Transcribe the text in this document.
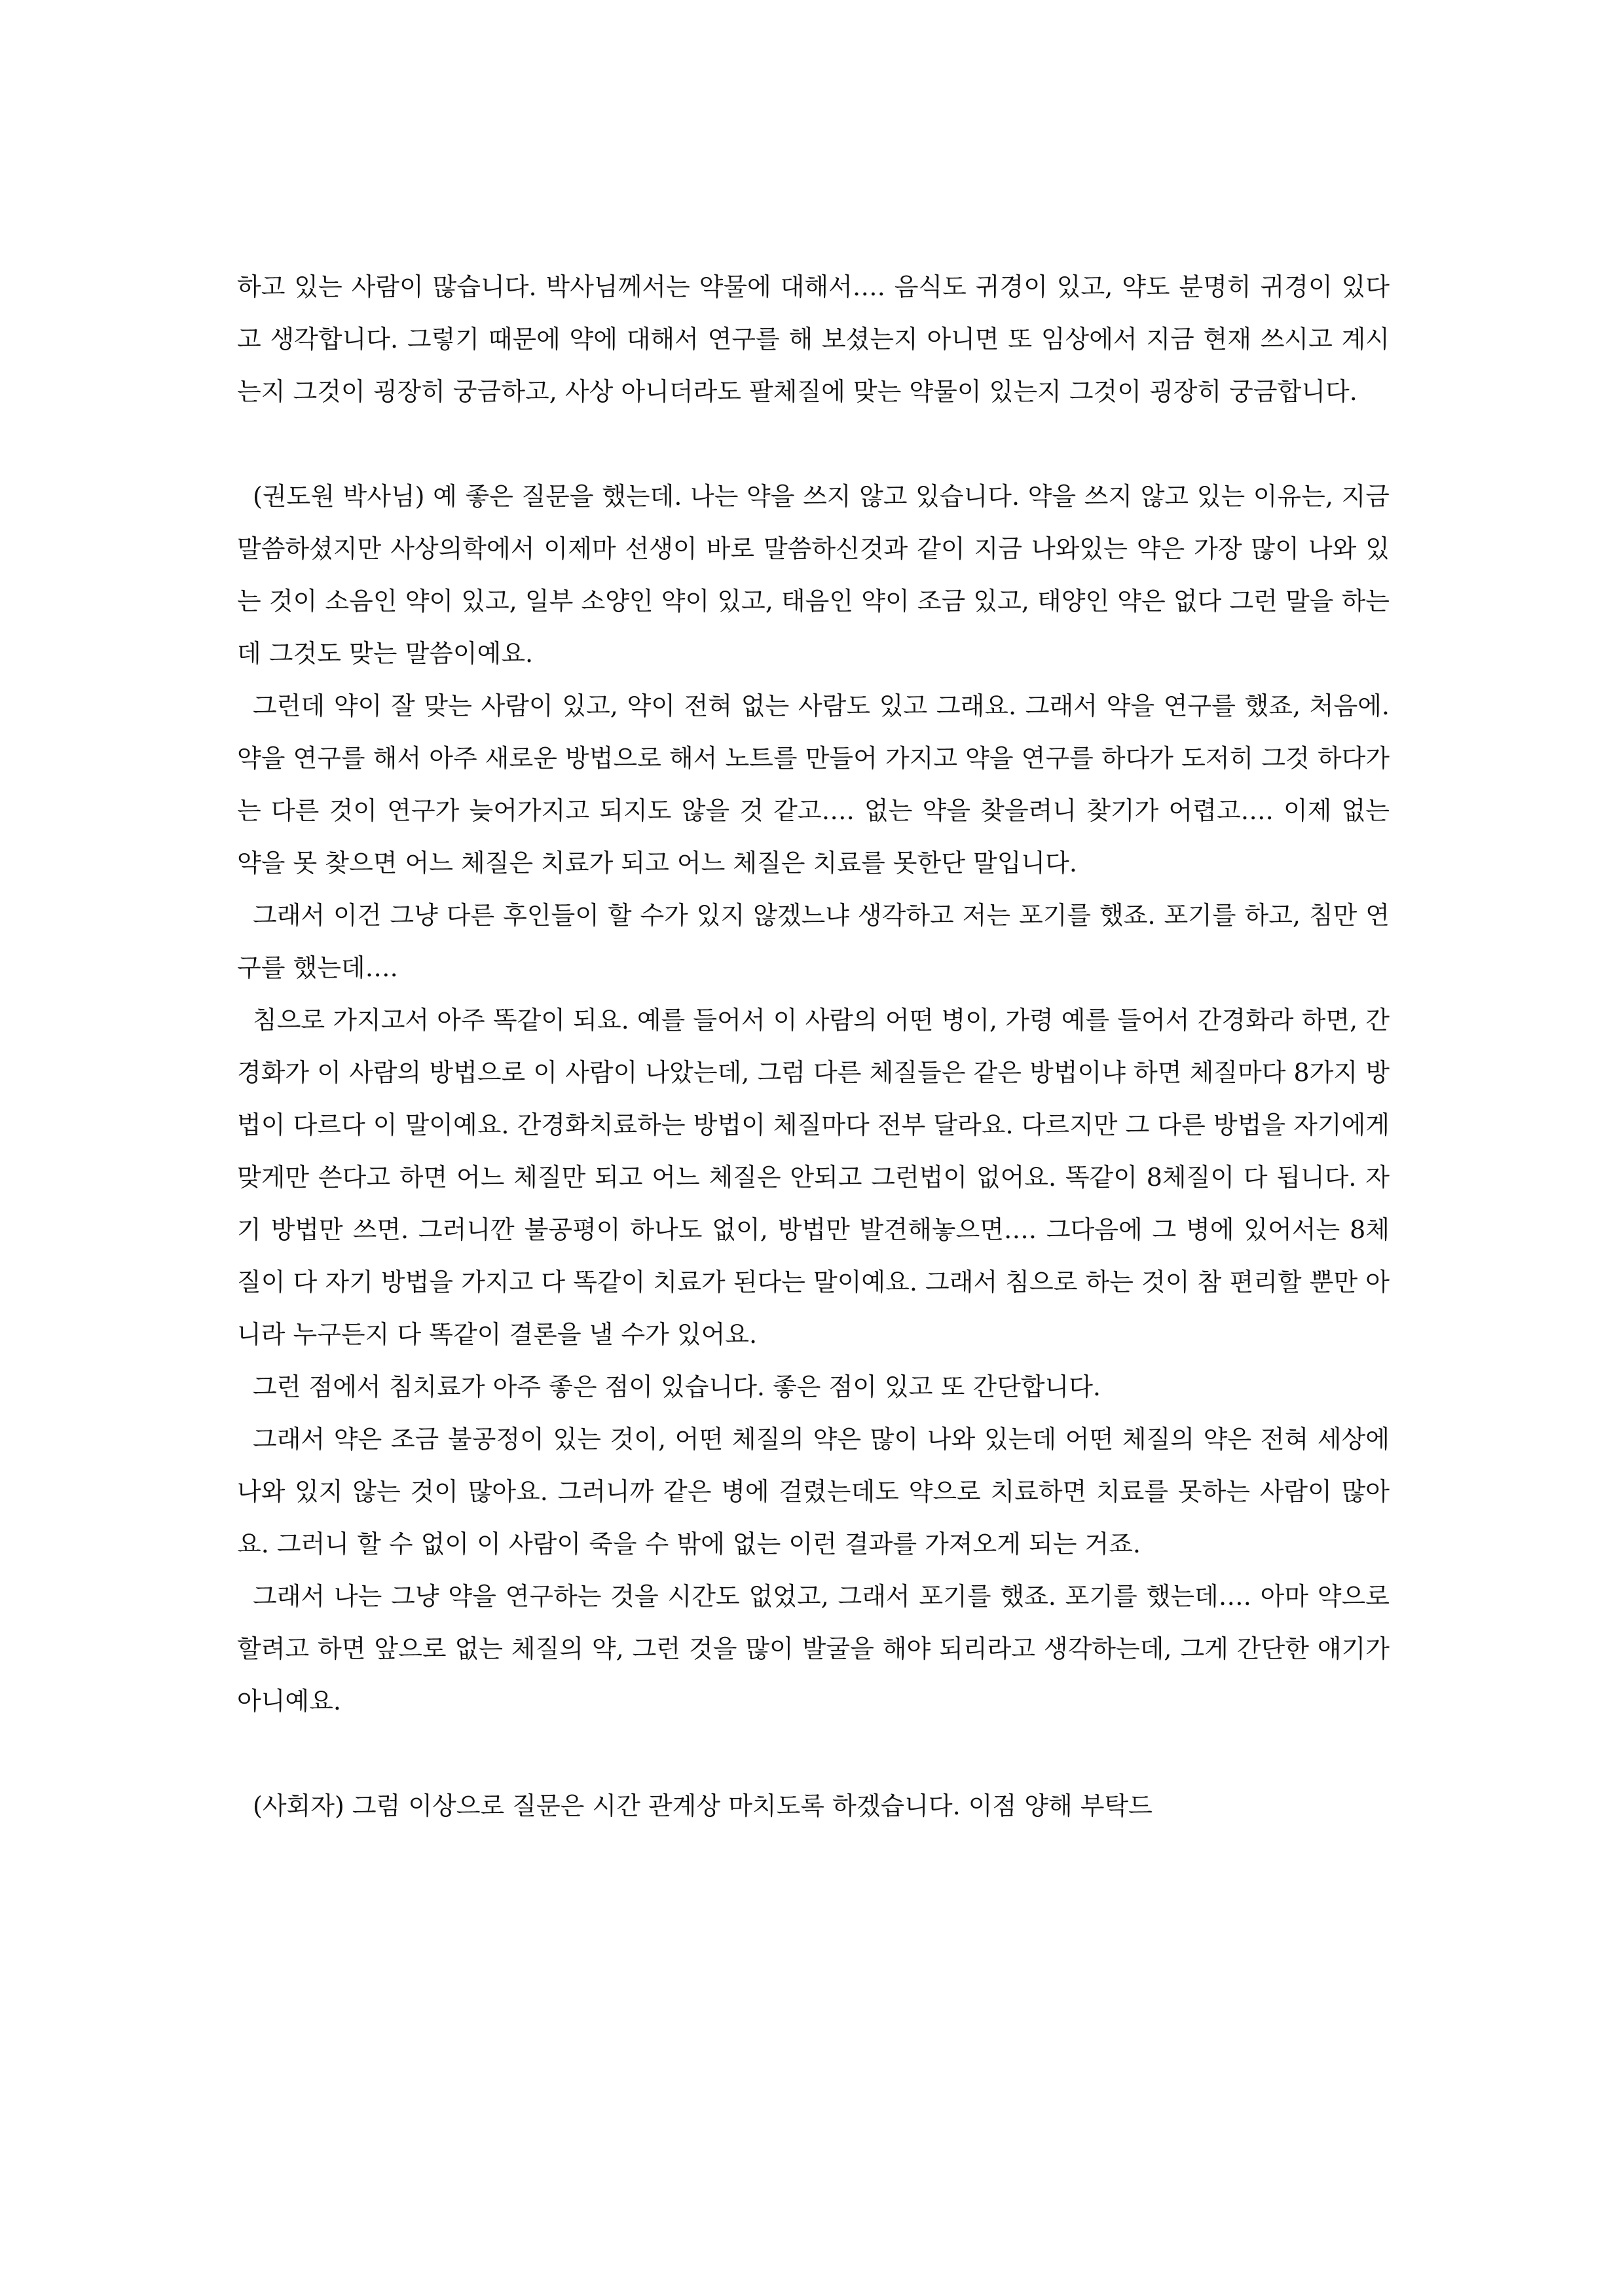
하고 있는 사람이 많습니다. 박사님께서는 약물에 대해서…. 음식도 귀경이 있고, 약도 분명히 귀경이 있다고 생각합니다. 그렇기 때문에 약에 대해서 연구를 해 보셨는지 아니면 또 임상에서 지금 현재 쓰시고 계시는지 그것이 굉장히 궁금하고, 사상 아니더라도 팔체질에 맞는 약물이 있는지 그것이 굉장히 궁금합니다.

(권도원 박사님) 예 좋은 질문을 했는데. 나는 약을 쓰지 않고 있습니다. 약을 쓰지 않고 있는 이유는, 지금 말씀하셨지만 사상의학에서 이제마 선생이 바로 말씀하신것과 같이 지금 나와있는 약은 가장 많이 나와 있는 것이 소음인 약이 있고, 일부 소양인 약이 있고, 태음인 약이 조금 있고, 태양인 약은 없다 그런 말을 하는데 그것도 맞는 말씀이예요.

그런데 약이 잘 맞는 사람이 있고, 약이 전혀 없는 사람도 있고 그래요. 그래서 약을 연구를 했죠, 처음에. 약을 연구를 해서 아주 새로운 방법으로 해서 노트를 만들어 가지고 약을 연구를 하다가 도저히 그것 하다가는 다른 것이 연구가 늦어가지고 되지도 않을 것 같고…. 없는 약을 찾을려니 찾기가 어렵고…. 이제 없는 약을 못 찾으면 어느 체질은 치료가 되고 어느 체질은 치료를 못한단 말입니다.

그래서 이건 그냥 다른 후인들이 할 수가 있지 않겠느냐 생각하고 저는 포기를 했죠. 포기를 하고, 침만 연구를 했는데….

침으로 가지고서 아주 똑같이 되요. 예를 들어서 이 사람의 어떤 병이, 가령 예를 들어서 간경화라 하면, 간경화가 이 사람의 방법으로 이 사람이 나았는데, 그럼 다른 체질들은 같은 방법이냐 하면 체질마다 8가지 방법이 다르다 이 말이예요. 간경화치료하는 방법이 체질마다 전부 달라요. 다르지만 그 다른 방법을 자기에게 맞게만 쓴다고 하면 어느 체질만 되고 어느 체질은 안되고 그런법이 없어요. 똑같이 8체질이 다 됩니다. 자기 방법만 쓰면. 그러니깐 불공평이 하나도 없이, 방법만 발견해놓으면…. 그다음에 그 병에 있어서는 8체질이 다 자기 방법을 가지고 다 똑같이 치료가 된다는 말이예요. 그래서 침으로 하는 것이 참 편리할 뿐만 아니라 누구든지 다 똑같이 결론을 낼 수가 있어요.

그런 점에서 침치료가 아주 좋은 점이 있습니다. 좋은 점이 있고 또 간단합니다.

그래서 약은 조금 불공정이 있는 것이, 어떤 체질의 약은 많이 나와 있는데 어떤 체질의 약은 전혀 세상에 나와 있지 않는 것이 많아요. 그러니까 같은 병에 걸렸는데도 약으로 치료하면 치료를 못하는 사람이 많아요. 그러니 할 수 없이 이 사람이 죽을 수 밖에 없는 이런 결과를 가져오게 되는 거죠.

그래서 나는 그냥 약을 연구하는 것을 시간도 없었고, 그래서 포기를 했죠. 포기를 했는데…. 아마 약으로 할려고 하면 앞으로 없는 체질의 약, 그런 것을 많이 발굴을 해야 되리라고 생각하는데, 그게 간단한 얘기가 아니예요.

(사회자) 그럼 이상으로 질문은 시간 관계상 마치도록 하겠습니다. 이점 양해 부탁드
